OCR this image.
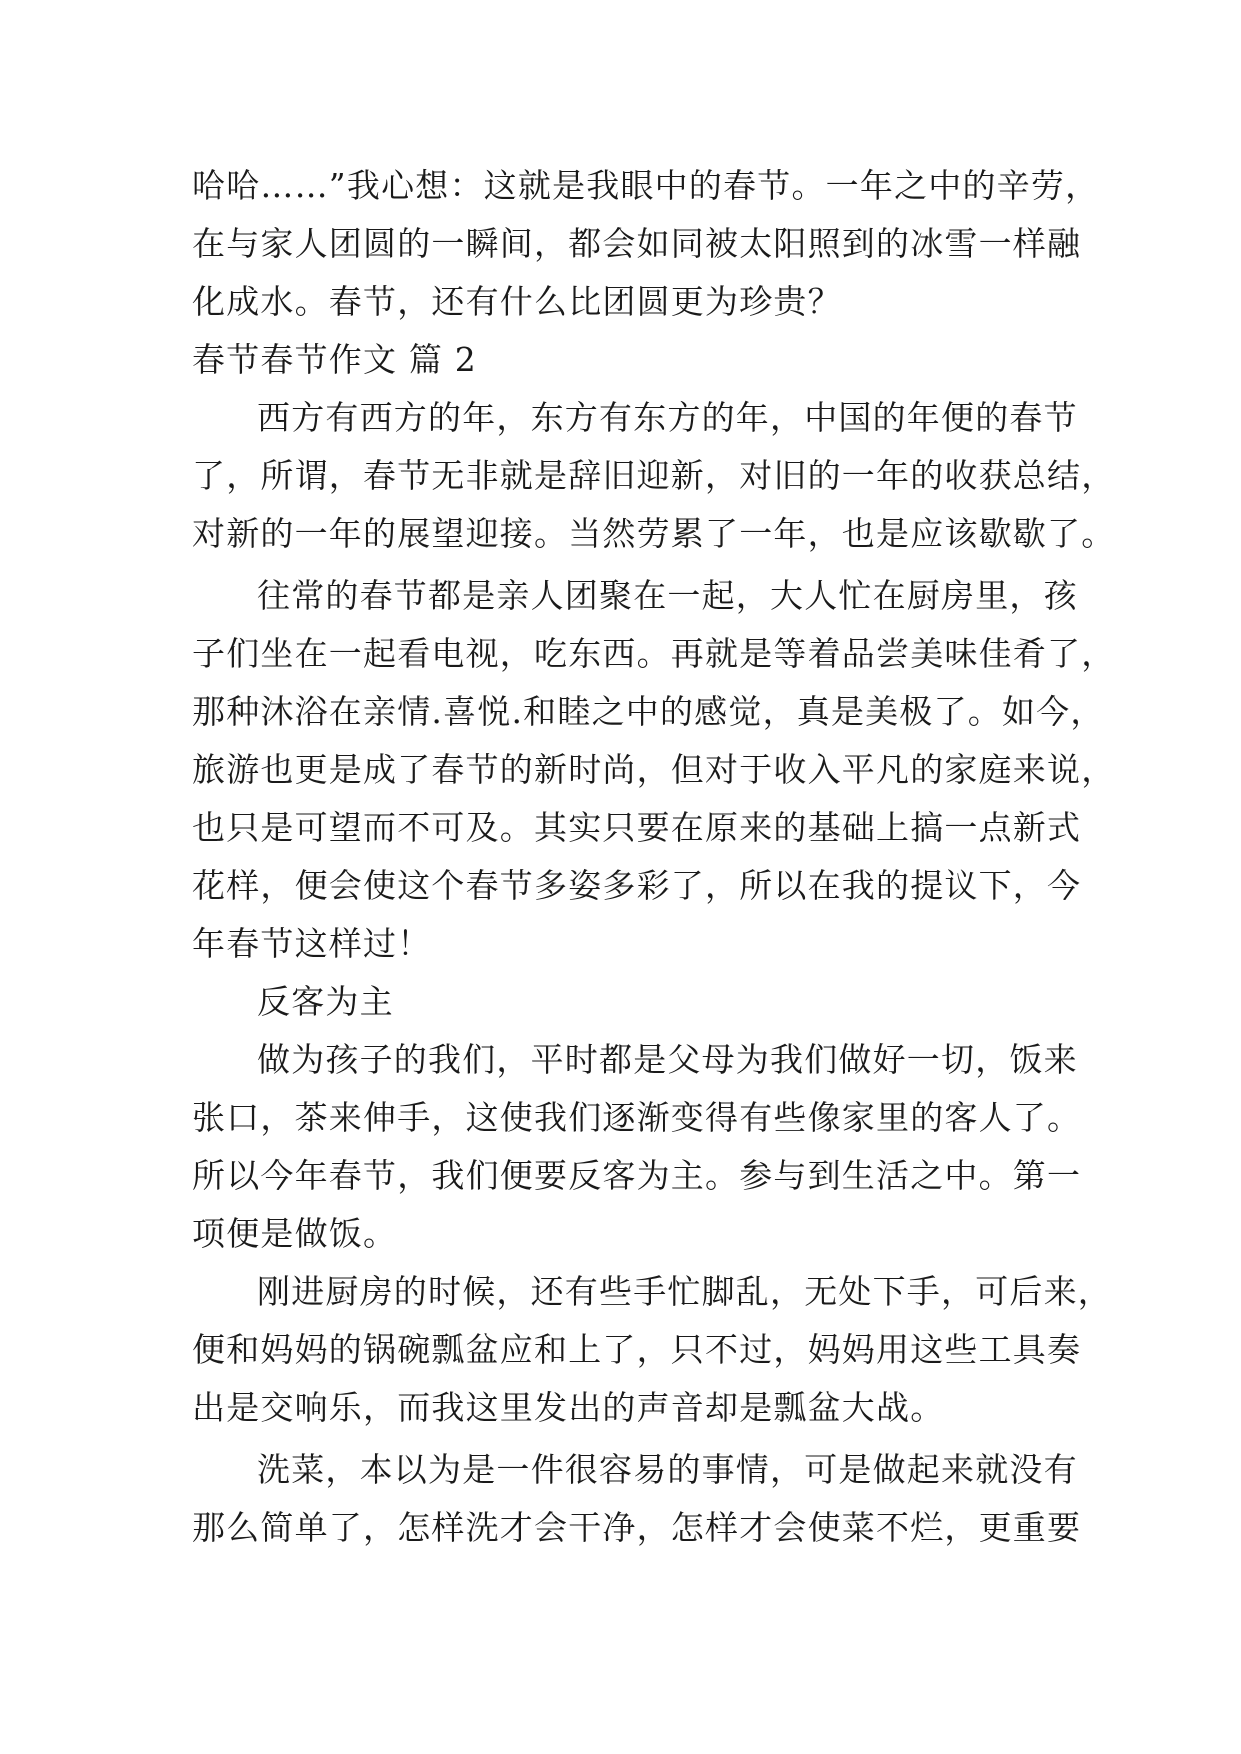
哈哈……”我心想：这就是我眼中的春节。一年之中的辛劳，
在与家人团圆的一瞬间，都会如同被太阳照到的冰雪一样融
化成水。春节，还有什么比团圆更为珍贵？
春节春节作文 篇 2
西方有西方的年，东方有东方的年，中国的年便的春节
了，所谓，春节无非就是辞旧迎新，对旧的一年的收获总结，
对新的一年的展望迎接。当然劳累了一年，也是应该歇歇了。
往常的春节都是亲人团聚在一起，大人忙在厨房里，孩
子们坐在一起看电视，吃东西。再就是等着品尝美味佳肴了，
那种沐浴在亲情.喜悦.和睦之中的感觉，真是美极了。如今，
旅游也更是成了春节的新时尚，但对于收入平凡的家庭来说，
也只是可望而不可及。其实只要在原来的基础上搞一点新式
花样，便会使这个春节多姿多彩了，所以在我的提议下，今
年春节这样过！
反客为主
做为孩子的我们，平时都是父母为我们做好一切，饭来
张口，茶来伸手，这使我们逐渐变得有些像家里的客人了。
所以今年春节，我们便要反客为主。参与到生活之中。第一
项便是做饭。
刚进厨房的时候，还有些手忙脚乱，无处下手，可后来，
便和妈妈的锅碗瓢盆应和上了，只不过，妈妈用这些工具奏
出是交响乐，而我这里发出的声音却是瓢盆大战。
洗菜，本以为是一件很容易的事情，可是做起来就没有
那么简单了，怎样洗才会干净，怎样才会使菜不烂，更重要
